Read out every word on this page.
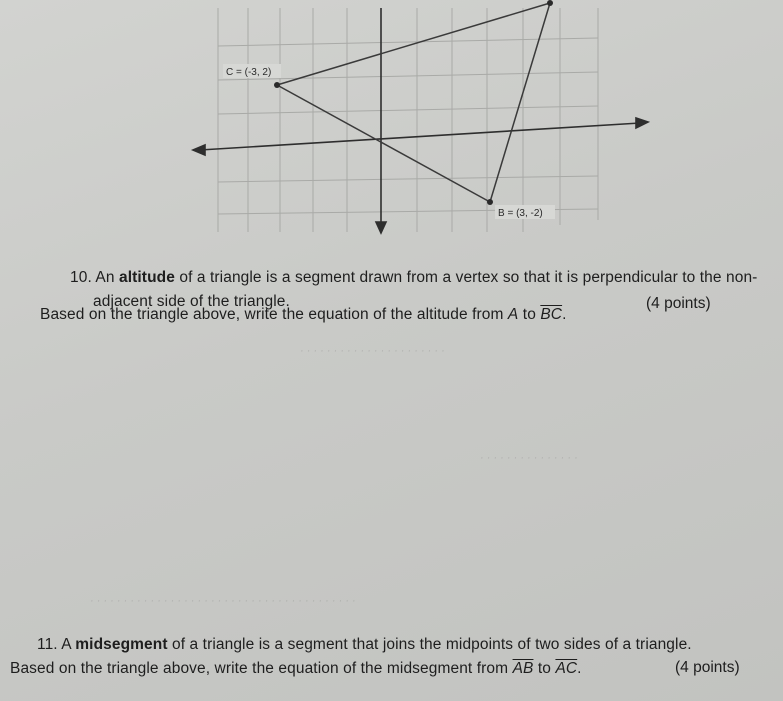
C = (-3, 2)
B = (3, -2)
· · · · · · · · · · · · · · · · · · · · · ·
· · · · · · · · · · · · · · ·
· · · · · · · · · · · · · · · · · · · · · · · · · · · · · · · · · · · · · · · ·
10. An altitude of a triangle is a segment drawn from a vertex so that it is perpendicular to the non-
adjacent side of the triangle.	(4 points)
Based on the triangle above, write the equation of the altitude from A to $\overline{BC}$.
11. A midsegment of a triangle is a segment that joins the midpoints of two sides of a triangle.
Based on the triangle above, write the equation of the midsegment from $\overline{AB}$ to $\overline{AC}$.	(4 points)
